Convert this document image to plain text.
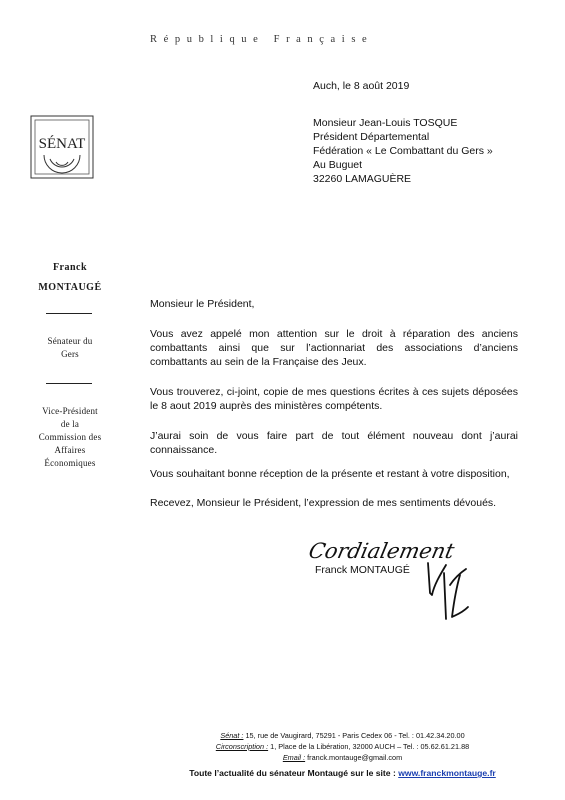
République Française
SÉNAT
Franck
MONTAUGÉ
Sénateur du
Gers
Vice-Président
de la
Commission des
Affaires
Économiques
Auch, le 8 août 2019
Monsieur Jean-Louis TOSQUE
Président Départemental
Fédération « Le Combattant du Gers »
Au Buguet
32260 LAMAGUÈRE
Monsieur le Président,
Vous avez appelé mon attention sur le droit à réparation des anciens combattants ainsi que sur l’actionnariat des associations d’anciens combattants au sein de la Française des Jeux.
Vous trouverez, ci-joint, copie de mes questions écrites à ces sujets déposées le 8 aout 2019 auprès des ministères compétents.
J’aurai soin de vous faire part de tout élément nouveau dont j’aurai connaissance.
Vous souhaitant bonne réception de la présente et restant à votre disposition,
Recevez, Monsieur le Président, l’expression de mes sentiments dévoués.
Cordialement
Franck MONTAUGÉ
Sénat : 15, rue de Vaugirard, 75291 - Paris Cedex 06 - Tel. : 01.42.34.20.00
Circonscription : 1, Place de la Libération, 32000 AUCH – Tel. : 05.62.61.21.88
Email : franck.montauge@gmail.com
Toute l’actualité du sénateur Montaugé sur le site : www.franckmontauge.fr
